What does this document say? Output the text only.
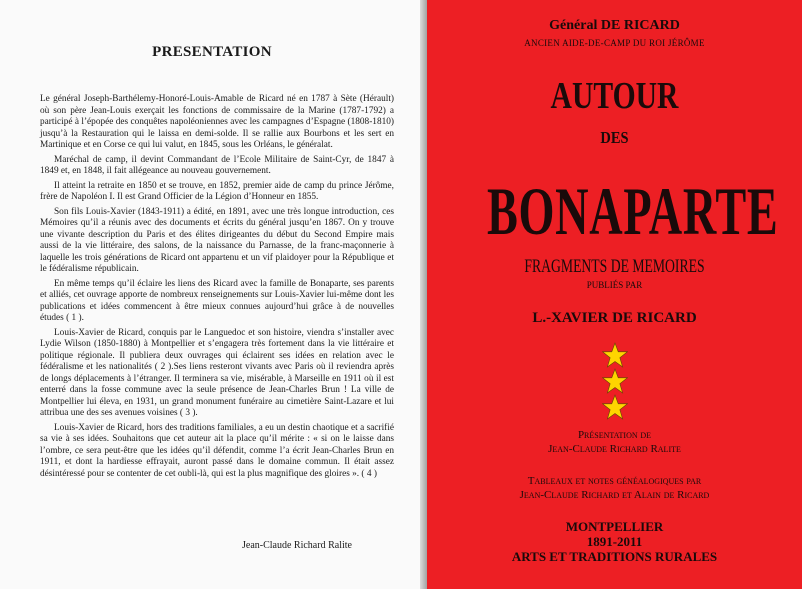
PRESENTATION

Le général Joseph-Barthélemy-Honoré-Louis-Amable de Ricard né en 1787 à Sète (Hérault) où son père Jean-Louis exerçait les fonctions de commissaire de la Marine (1787-1792) a participé à l’épopée des conquêtes napoléoniennes avec les campagnes d’Espagne (1808-1810) jusqu’à la Restauration qui le laissa en demi-solde. Il se rallie aux Bourbons et les sert en Martinique et en Corse ce qui lui valut, en 1845, sous les Orléans, le généralat.

Maréchal de camp, il devint Commandant de l’Ecole Militaire de Saint-Cyr, de 1847 à 1849 et, en 1848, il fait allégeance au nouveau gouvernement.

Il atteint la retraite en 1850 et se trouve, en 1852, premier aide de camp du prince Jérôme, frère de Napoléon I. Il est Grand Officier de la Légion d’Honneur en 1855.

Son fils Louis-Xavier (1843-1911) a édité, en 1891, avec une très longue introduction, ces Mémoires qu’il a réunis avec des documents et écrits du général jusqu’en 1867. On y trouve une vivante description du Paris et des élites dirigeantes du début du Second Empire mais aussi de la vie littéraire, des salons, de la naissance du Parnasse, de la franc-maçonnerie à laquelle les trois générations de Ricard ont appartenu et un vif plaidoyer pour la République et le fédéralisme républicain.

En même temps qu’il éclaire les liens des Ricard avec la famille de Bonaparte, ses parents et alliés, cet ouvrage apporte de nombreux renseignements sur Louis-Xavier lui-même dont les publications et idées commencent à être mieux connues aujourd’hui grâce à de nouvelles études ( 1 ).

Louis-Xavier de Ricard, conquis par le Languedoc et son histoire, viendra s’installer avec Lydie Wilson (1850-1880) à Montpellier et s’engagera très fortement dans la vie littéraire et politique régionale. Il publiera deux ouvrages qui éclairent ses idées en relation avec le fédéralisme et les nationalités ( 2 ).Ses liens resteront vivants avec Paris où il reviendra après de longs déplacements à l’étranger. Il terminera sa vie, misérable, à Marseille en 1911 où il est enterré dans la fosse commune avec la seule présence de Jean-Charles Brun ! La ville de Montpellier lui éleva, en 1931, un grand monument funéraire au cimetière Saint-Lazare et lui attribua une des ses avenues voisines ( 3 ).

Louis-Xavier de Ricard, hors des traditions familiales, a eu un destin chaotique et a sacrifié sa vie à ses idées. Souhaitons que cet auteur ait la place qu’il mérite : « si on le laisse dans l’ombre, ce sera peut-être que les idées qu’il défendit, comme l’a écrit Jean-Charles Brun en 1911, et dont la hardiesse effrayait, auront passé dans le domaine commun. Il était assez désintéressé pour se contenter de cet oubli-là, qui est la plus magnifique des gloires ». ( 4 )

Jean-Claude Richard Ralite
Général DE RICARD
ANCIEN AIDE-DE-CAMP DU ROI JÉRÔME
AUTOUR
DES
BONAPARTE
FRAGMENTS DE MEMOIRES
PUBLIÉS PAR
L.-XAVIER DE RICARD
Présentation de
Jean-Claude Richard Ralite
Tableaux et notes généalogiques par
Jean-Claude Richard et Alain de Ricard
MONTPELLIER
1891-2011
ARTS ET TRADITIONS RURALES
